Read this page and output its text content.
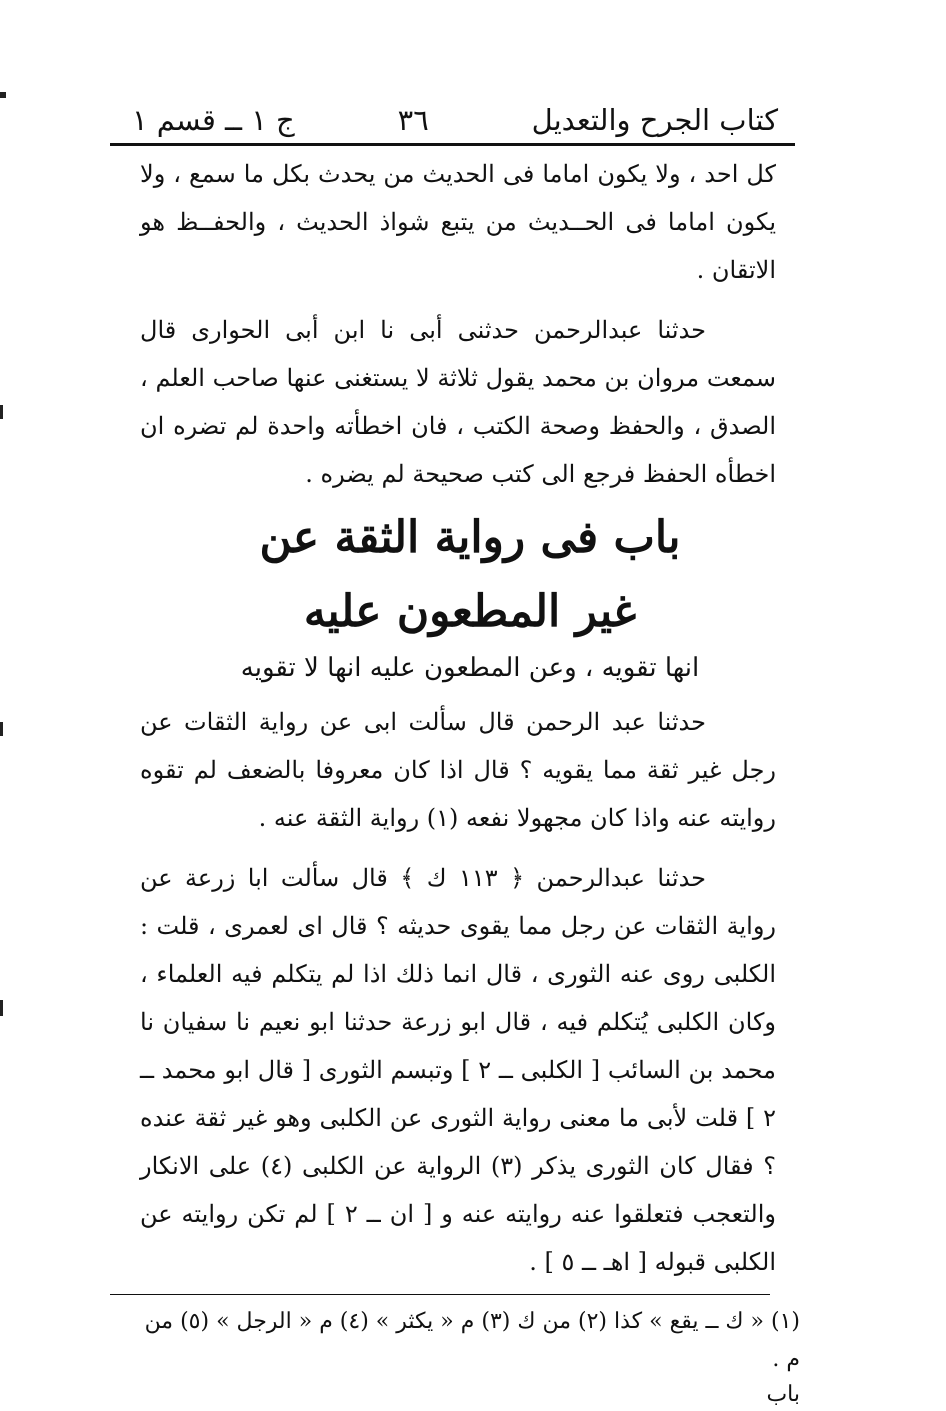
كتاب الجرح والتعديل
٣٦
ج ١ ــ قسم ١

كل احد ، ولا يكون اماما فى الحديث من يحدث بكل ما سمع ، ولا يكون اماما فى الحــديث من يتبع شواذ الحديث ، والحفــظ هو الاتقان .

حدثنا عبدالرحمن حدثنى أبى نا ابن أبى الحوارى قال سمعت مروان بن محمد يقول ثلاثة لا يستغنى عنها صاحب العلم ، الصدق ، والحفظ وصحة الكتب ، فان اخطأته واحدة لم تضره ان اخطأه الحفظ فرجع الى كتب صحيحة لم يضره .

باب فى رواية الثقة عن
غير المطعون عليه
انها تقويه ، وعن المطعون عليه انها لا تقويه

حدثنا عبد الرحمن قال سألت ابى عن رواية الثقات عن رجل غير ثقة مما يقويه ؟ قال اذا كان معروفا بالضعف لم تقوه روايته عنه واذا كان مجهولا نفعه (١) رواية الثقة عنه .

حدثنا عبدالرحمن ﴿ ١١٣ ك ﴾ قال سألت ابا زرعة عن رواية الثقات عن رجل مما يقوى حديثه ؟ قال اى لعمرى ، قلت : الكلبى روى عنه الثورى ، قال انما ذلك اذا لم يتكلم فيه العلماء ، وكان الكلبى يُتكلم فيه ، قال ابو زرعة حدثنا ابو نعيم نا سفيان نا محمد بن السائب [ الكلبى ــ ٢ ] وتبسم الثورى [ قال ابو محمد ــ ٢ ] قلت لأبى ما معنى رواية الثورى عن الكلبى وهو غير ثقة عنده ؟ فقال كان الثورى يذكر (٣) الرواية عن الكلبى (٤) على الانكار والتعجب فتعلقوا عنه روايته عنه و [ ان ــ ٢ ] لم تكن روايته عن الكلبى قبوله [ اهـ ــ ٥ ] .

(١) « ك ــ يقع » كذا (٢) من ك (٣) م « يكثر » (٤) م « الرجل » (٥) من م .

باب
